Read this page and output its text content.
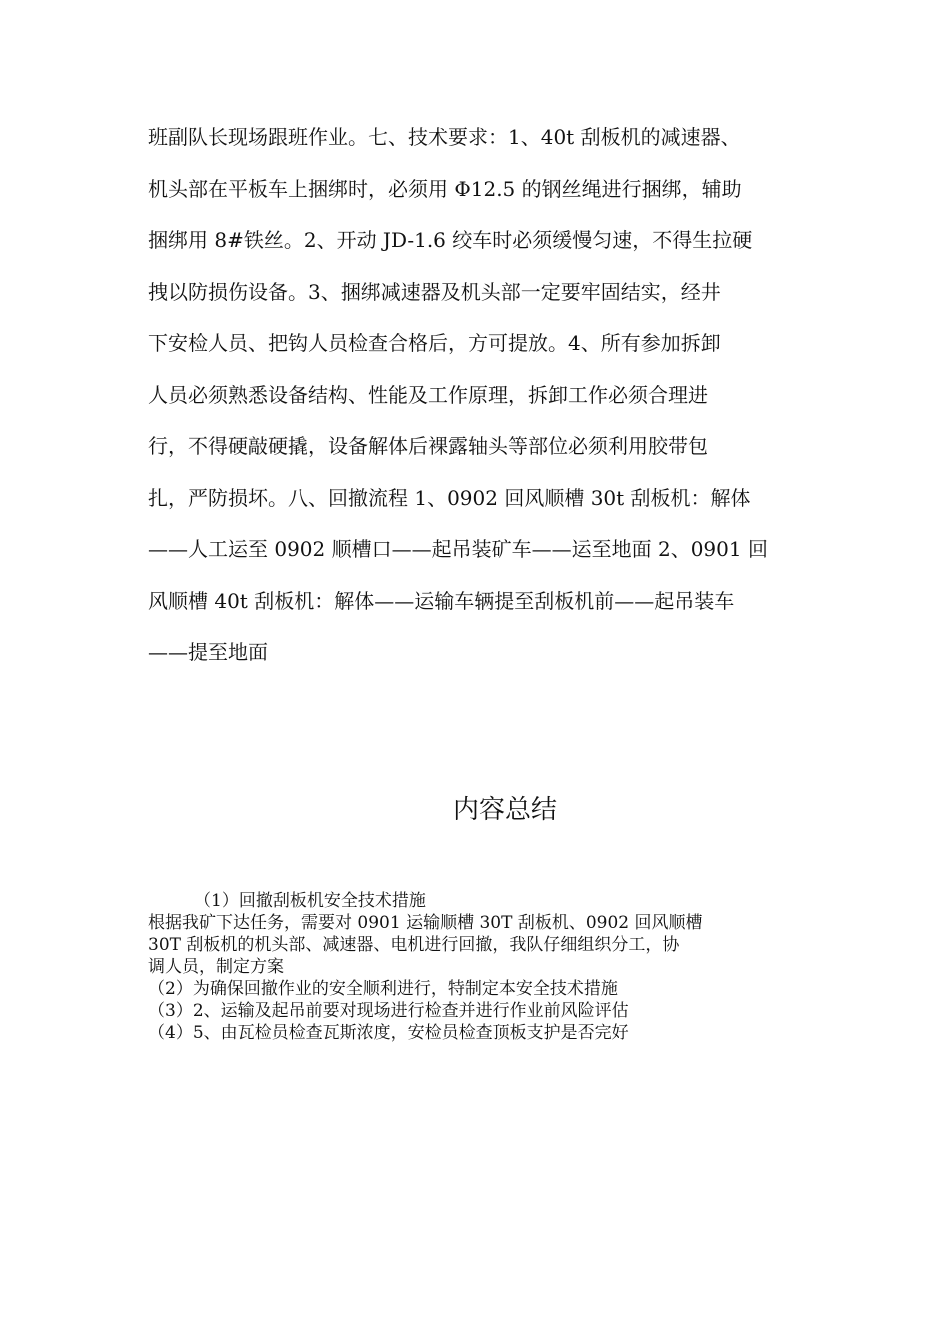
班副队长现场跟班作业。七、技术要求：1、40t 刮板机的减速器、
机头部在平板车上捆绑时，必须用 Φ12.5 的钢丝绳进行捆绑，辅助
捆绑用 8#铁丝。2、开动 JD-1.6 绞车时必须缓慢匀速，不得生拉硬
拽以防损伤设备。3、捆绑减速器及机头部一定要牢固结实，经井
下安检人员、把钩人员检查合格后，方可提放。4、所有参加拆卸
人员必须熟悉设备结构、性能及工作原理，拆卸工作必须合理进
行，不得硬敲硬撬，设备解体后裸露轴头等部位必须利用胶带包
扎，严防损坏。八、回撤流程 1、0902 回风顺槽 30t 刮板机：解体
——人工运至 0902 顺槽口——起吊装矿车——运至地面 2、0901 回
风顺槽 40t 刮板机：解体——运输车辆提至刮板机前——起吊装车
——提至地面
内容总结
（1）回撤刮板机安全技术措施
根据我矿下达任务，需要对 0901 运输顺槽 30T 刮板机、0902 回风顺槽
30T 刮板机的机头部、减速器、电机进行回撤，我队仔细组织分工，协
调人员，制定方案
（2）为确保回撤作业的安全顺利进行，特制定本安全技术措施
（3）2、运输及起吊前要对现场进行检查并进行作业前风险评估
（4）5、由瓦检员检查瓦斯浓度，安检员检查顶板支护是否完好
